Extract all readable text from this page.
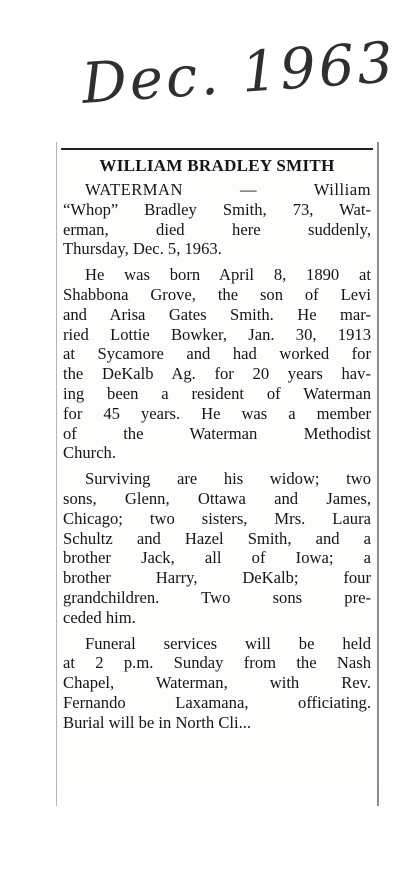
Dec. 1963
WILLIAM BRADLEY SMITH
WATERMAN — William
“Whop” Bradley Smith, 73, Wat-
erman, died here suddenly,
Thursday, Dec. 5, 1963.
He was born April 8, 1890 at
Shabbona Grove, the son of Levi
and Arisa Gates Smith. He mar-
ried Lottie Bowker, Jan. 30, 1913
at Sycamore and had worked for
the DeKalb Ag. for 20 years hav-
ing been a resident of Waterman
for 45 years. He was a member
of the Waterman Methodist
Church.
Surviving are his widow; two
sons, Glenn, Ottawa and James,
Chicago; two sisters, Mrs. Laura
Schultz and Hazel Smith, and a
brother Jack, all of Iowa; a
brother Harry, DeKalb; four
grandchildren. Two sons pre-
ceded him.
Funeral services will be held
at 2 p.m. Sunday from the Nash
Chapel, Waterman, with Rev.
Fernando Laxamana, officiating.
Burial will be in North Cli...
